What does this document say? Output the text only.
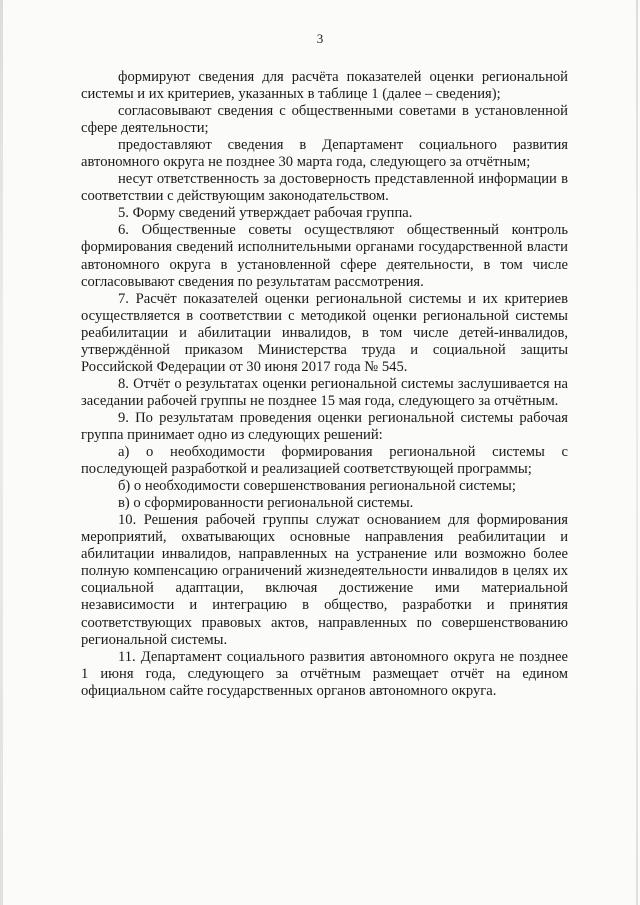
3

формируют сведения для расчёта показателей оценки региональной системы и их критериев, указанных в таблице 1 (далее – сведения);

согласовывают сведения с общественными советами в установленной сфере деятельности;

предоставляют сведения в Департамент социального развития автономного округа не позднее 30 марта года, следующего за отчётным;

несут ответственность за достоверность представленной информации в соответствии с действующим законодательством.

5. Форму сведений утверждает рабочая группа.

6. Общественные советы осуществляют общественный контроль формирования сведений исполнительными органами государственной власти автономного округа в установленной сфере деятельности, в том числе согласовывают сведения по результатам рассмотрения.

7. Расчёт показателей оценки региональной системы и их критериев осуществляется в соответствии с методикой оценки региональной системы реабилитации и абилитации инвалидов, в том числе детей-инвалидов, утверждённой приказом Министерства труда и социальной защиты Российской Федерации от 30 июня 2017 года № 545.

8. Отчёт о результатах оценки региональной системы заслушивается на заседании рабочей группы не позднее 15 мая года, следующего за отчётным.

9. По результатам проведения оценки региональной системы рабочая группа принимает одно из следующих решений:

а) о необходимости формирования региональной системы с последующей разработкой и реализацией соответствующей программы;

б) о необходимости совершенствования региональной системы;

в) о сформированности региональной системы.

10. Решения рабочей группы служат основанием для формирования мероприятий, охватывающих основные направления реабилитации и абилитации инвалидов, направленных на устранение или возможно более полную компенсацию ограничений жизнедеятельности инвалидов в целях их социальной адаптации, включая достижение ими материальной независимости и интеграцию в общество, разработки и принятия соответствующих правовых актов, направленных по совершенствованию региональной системы.

11. Департамент социального развития автономного округа не позднее 1 июня года, следующего за отчётным размещает отчёт на едином официальном сайте государственных органов автономного округа.
